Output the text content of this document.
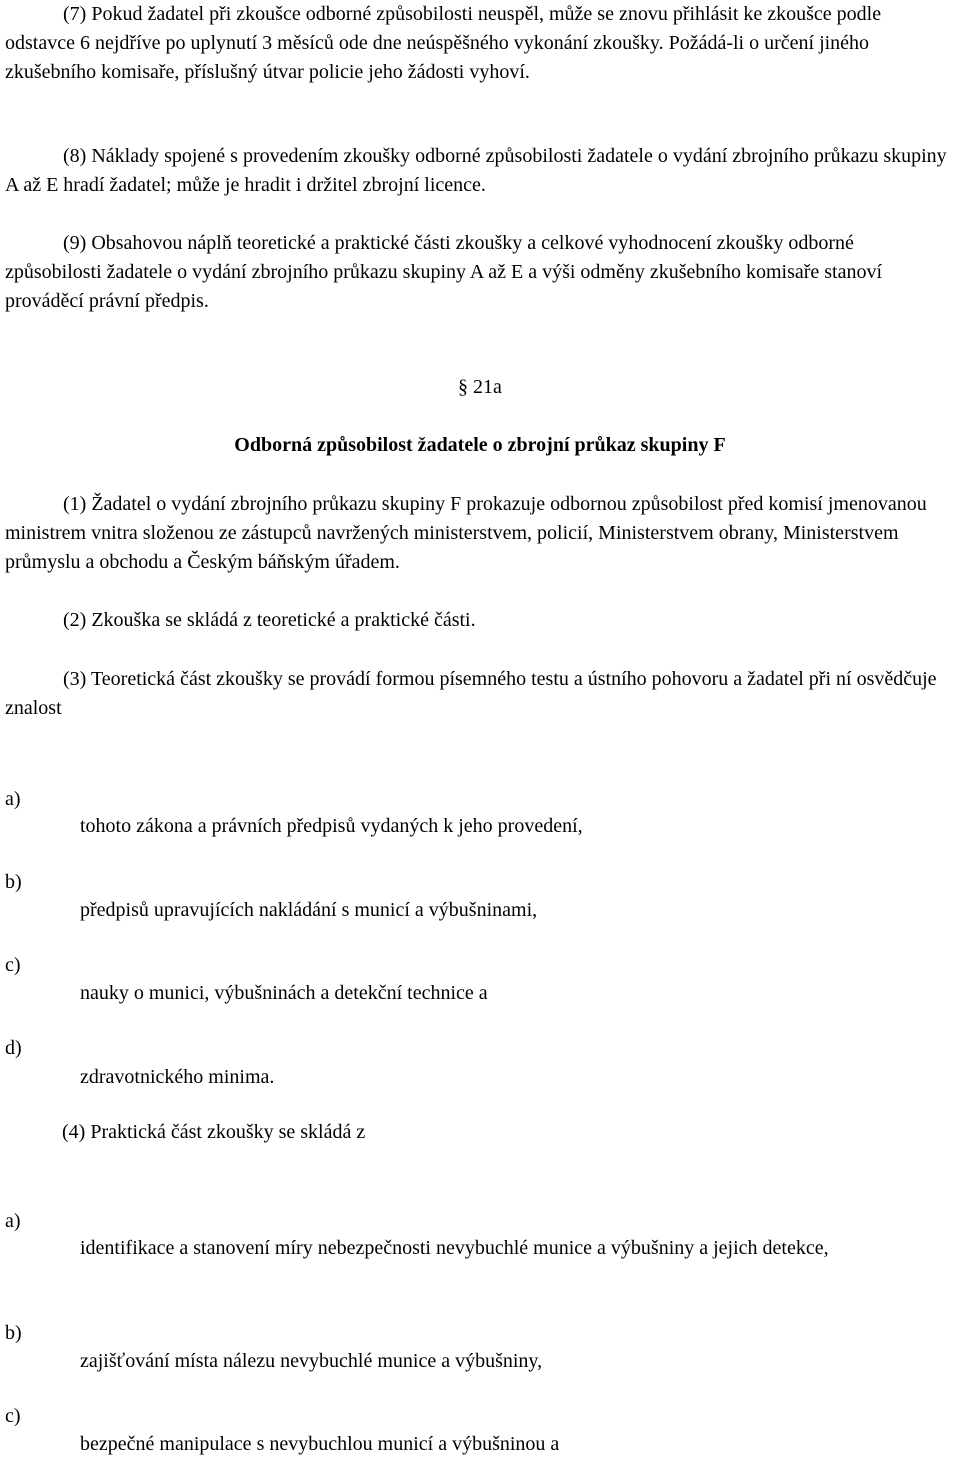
(7) Pokud žadatel při zkoušce odborné způsobilosti neuspěl, může se znovu přihlásit ke zkoušce podle odstavce 6 nejdříve po uplynutí 3 měsíců ode dne neúspěšného vykonání zkoušky. Požádá-li o určení jiného zkušebního komisaře, příslušný útvar policie jeho žádosti vyhoví.

(8) Náklady spojené s provedením zkoušky odborné způsobilosti žadatele o vydání zbrojního průkazu skupiny A až E hradí žadatel; může je hradit i držitel zbrojní licence.

(9) Obsahovou náplň teoretické a praktické části zkoušky a celkové vyhodnocení zkoušky odborné způsobilosti žadatele o vydání zbrojního průkazu skupiny A až E a výši odměny zkušebního komisaře stanoví prováděcí právní předpis.

§ 21a

Odborná způsobilost žadatele o zbrojní průkaz skupiny F

(1) Žadatel o vydání zbrojního průkazu skupiny F prokazuje odbornou způsobilost před komisí jmenovanou ministrem vnitra složenou ze zástupců navržených ministerstvem, policií, Ministerstvem obrany, Ministerstvem průmyslu a obchodu a Českým báňským úřadem.

(2) Zkouška se skládá z teoretické a praktické části.

(3) Teoretická část zkoušky se provádí formou písemného testu a ústního pohovoru a žadatel při ní osvědčuje znalost

a)
tohoto zákona a právních předpisů vydaných k jeho provedení,
b)
předpisů upravujících nakládání s municí a výbušninami,
c)
nauky o munici, výbušninách a detekční technice a
d)
zdravotnického minima.
(4) Praktická část zkoušky se skládá z
a)
identifikace a stanovení míry nebezpečnosti nevybuchlé munice a výbušniny a jejich detekce,
b)
zajišťování místa nálezu nevybuchlé munice a výbušniny,
c)
bezpečné manipulace s nevybuchlou municí a výbušninou a
